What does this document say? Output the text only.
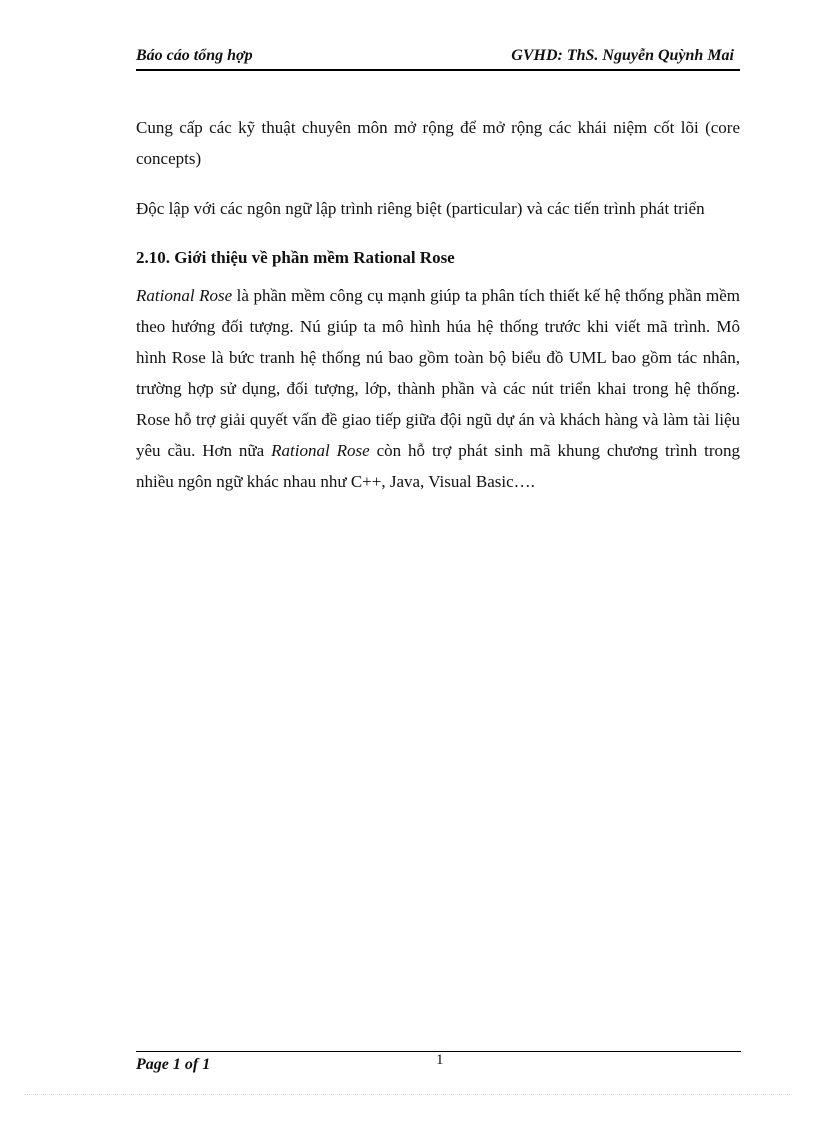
Báo cáo tổng hợp	GVHD: ThS. Nguyễn Quỳnh Mai

Cung cấp các kỹ thuật chuyên môn mở rộng để mở rộng các khái niệm cốt lõi (core concepts)

Độc lập với các ngôn ngữ lập trình riêng biệt (particular) và các tiến trình phát triển

2.10. Giới thiệu về phần mềm Rational Rose

Rational Rose là phần mềm công cụ mạnh giúp ta phân tích thiết kế hệ thống phần mềm theo hướng đối tượng. Nú giúp ta mô hình húa hệ thống trước khi viết mã trình. Mô hình Rose là bức tranh hệ thống nú bao gồm toàn bộ biểu đồ UML bao gồm tác nhân, trường hợp sử dụng, đối tượng, lớp, thành phần và các nút triển khai trong hệ thống. Rose hỗ trợ giải quyết vấn đề giao tiếp giữa đội ngũ dự án và khách hàng và làm tài liệu yêu cầu. Hơn nữa Rational Rose còn hỗ trợ phát sinh mã khung chương trình trong nhiều ngôn ngữ khác nhau như C++, Java, Visual Basic….

Page 1 of 1	1
